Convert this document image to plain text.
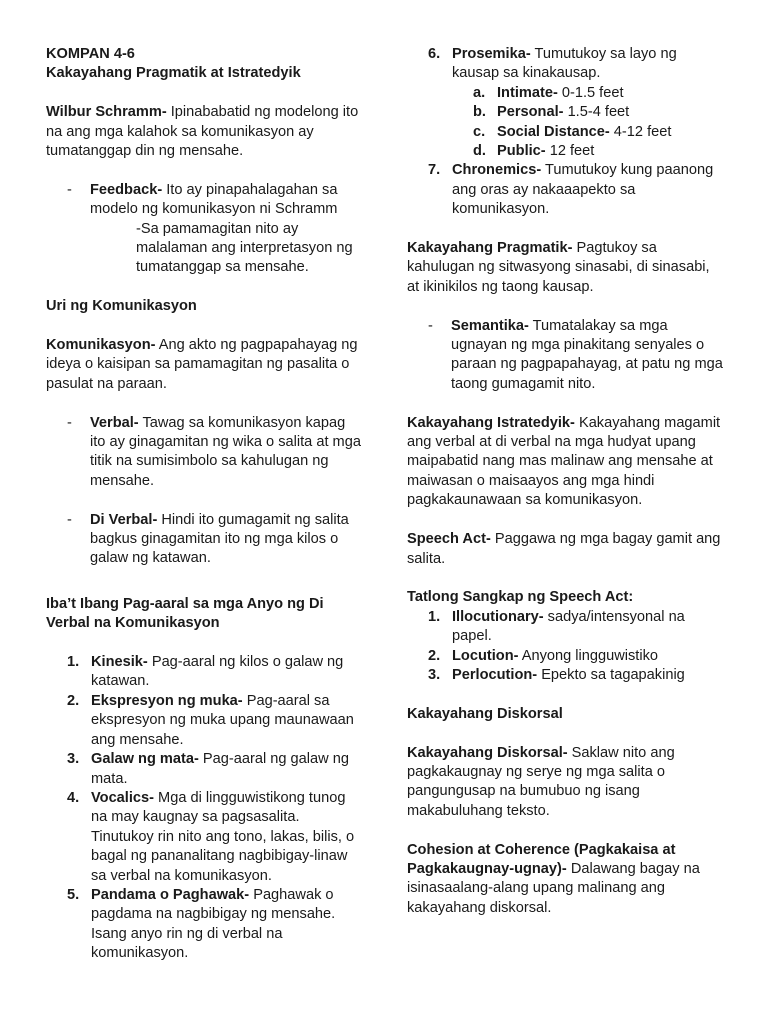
KOMPAN 4-6

Kakayahang Pragmatik at Istratedyik

Wilbur Schramm- Ipinababatid ng modelong ito na ang mga kalahok sa komunikasyon ay tumatanggap din ng mensahe.

- Feedback- Ito ay pinapahalagahan sa modelo ng komunikasyon ni Schramm

-Sa pamamagitan nito ay malalaman ang interpretasyon ng tumatanggap sa mensahe.

Uri ng Komunikasyon

Komunikasyon- Ang akto ng pagpapahayag ng ideya o kaisipan sa pamamagitan ng pasalita o pasulat na paraan.

- Verbal- Tawag sa komunikasyon kapag ito ay ginagamitan ng wika o salita at mga titik na sumisimbolo sa kahulugan ng mensahe.

- Di Verbal- Hindi ito gumagamit ng salita bagkus ginagamitan ito ng mga kilos o galaw ng katawan.

Iba’t Ibang Pag-aaral sa mga Anyo ng Di Verbal na Komunikasyon

1. Kinesik- Pag-aaral ng kilos o galaw ng katawan.
2. Ekspresyon ng muka- Pag-aaral sa ekspresyon ng muka upang maunawaan ang mensahe.
3. Galaw ng mata- Pag-aaral ng galaw ng mata.
4. Vocalics- Mga di lingguwistikong tunog na may kaugnay sa pagsasalita. Tinutukoy rin nito ang tono, lakas, bilis, o bagal ng pananalitang nagbibigay-linaw sa verbal na komunikasyon.
5. Pandama o Paghawak- Paghawak o pagdama na nagbibigay ng mensahe. Isang anyo rin ng di verbal na komunikasyon.
6. Prosemika- Tumutukoy sa layo ng kausap sa kinakausap.
a. Intimate- 0-1.5 feet
b. Personal- 1.5-4 feet
c. Social Distance- 4-12 feet
d. Public- 12 feet
7. Chronemics- Tumutukoy kung paanong ang oras ay nakaaapekto sa komunikasyon.

Kakayahang Pragmatik- Pagtukoy sa kahulugan ng sitwasyong sinasabi, di sinasabi, at ikinikilos ng taong kausap.

- Semantika- Tumatalakay sa mga ugnayan ng mga pinakitang senyales o paraan ng pagpapahayag, at patu ng mga taong gumagamit nito.

Kakayahang Istratedyik- Kakayahang magamit ang verbal at di verbal na mga hudyat upang maipabatid nang mas malinaw ang mensahe at maiwasan o maisaayos ang mga hindi pagkakaunawaan sa komunikasyon.

Speech Act- Paggawa ng mga bagay gamit ang salita.

Tatlong Sangkap ng Speech Act:

1. Illocutionary- sadya/intensyonal na papel.
2. Locution- Anyong lingguwistiko
3. Perlocution- Epekto sa tagapakinig

Kakayahang Diskorsal

Kakayahang Diskorsal- Saklaw nito ang pagkakaugnay ng serye ng mga salita o pangungusap na bumubuo ng isang makabuluhang teksto.

Cohesion at Coherence (Pagkakaisa at Pagkakaugnay-ugnay)- Dalawang bagay na isinasaalang-alang upang malinang ang kakayahang diskorsal.
